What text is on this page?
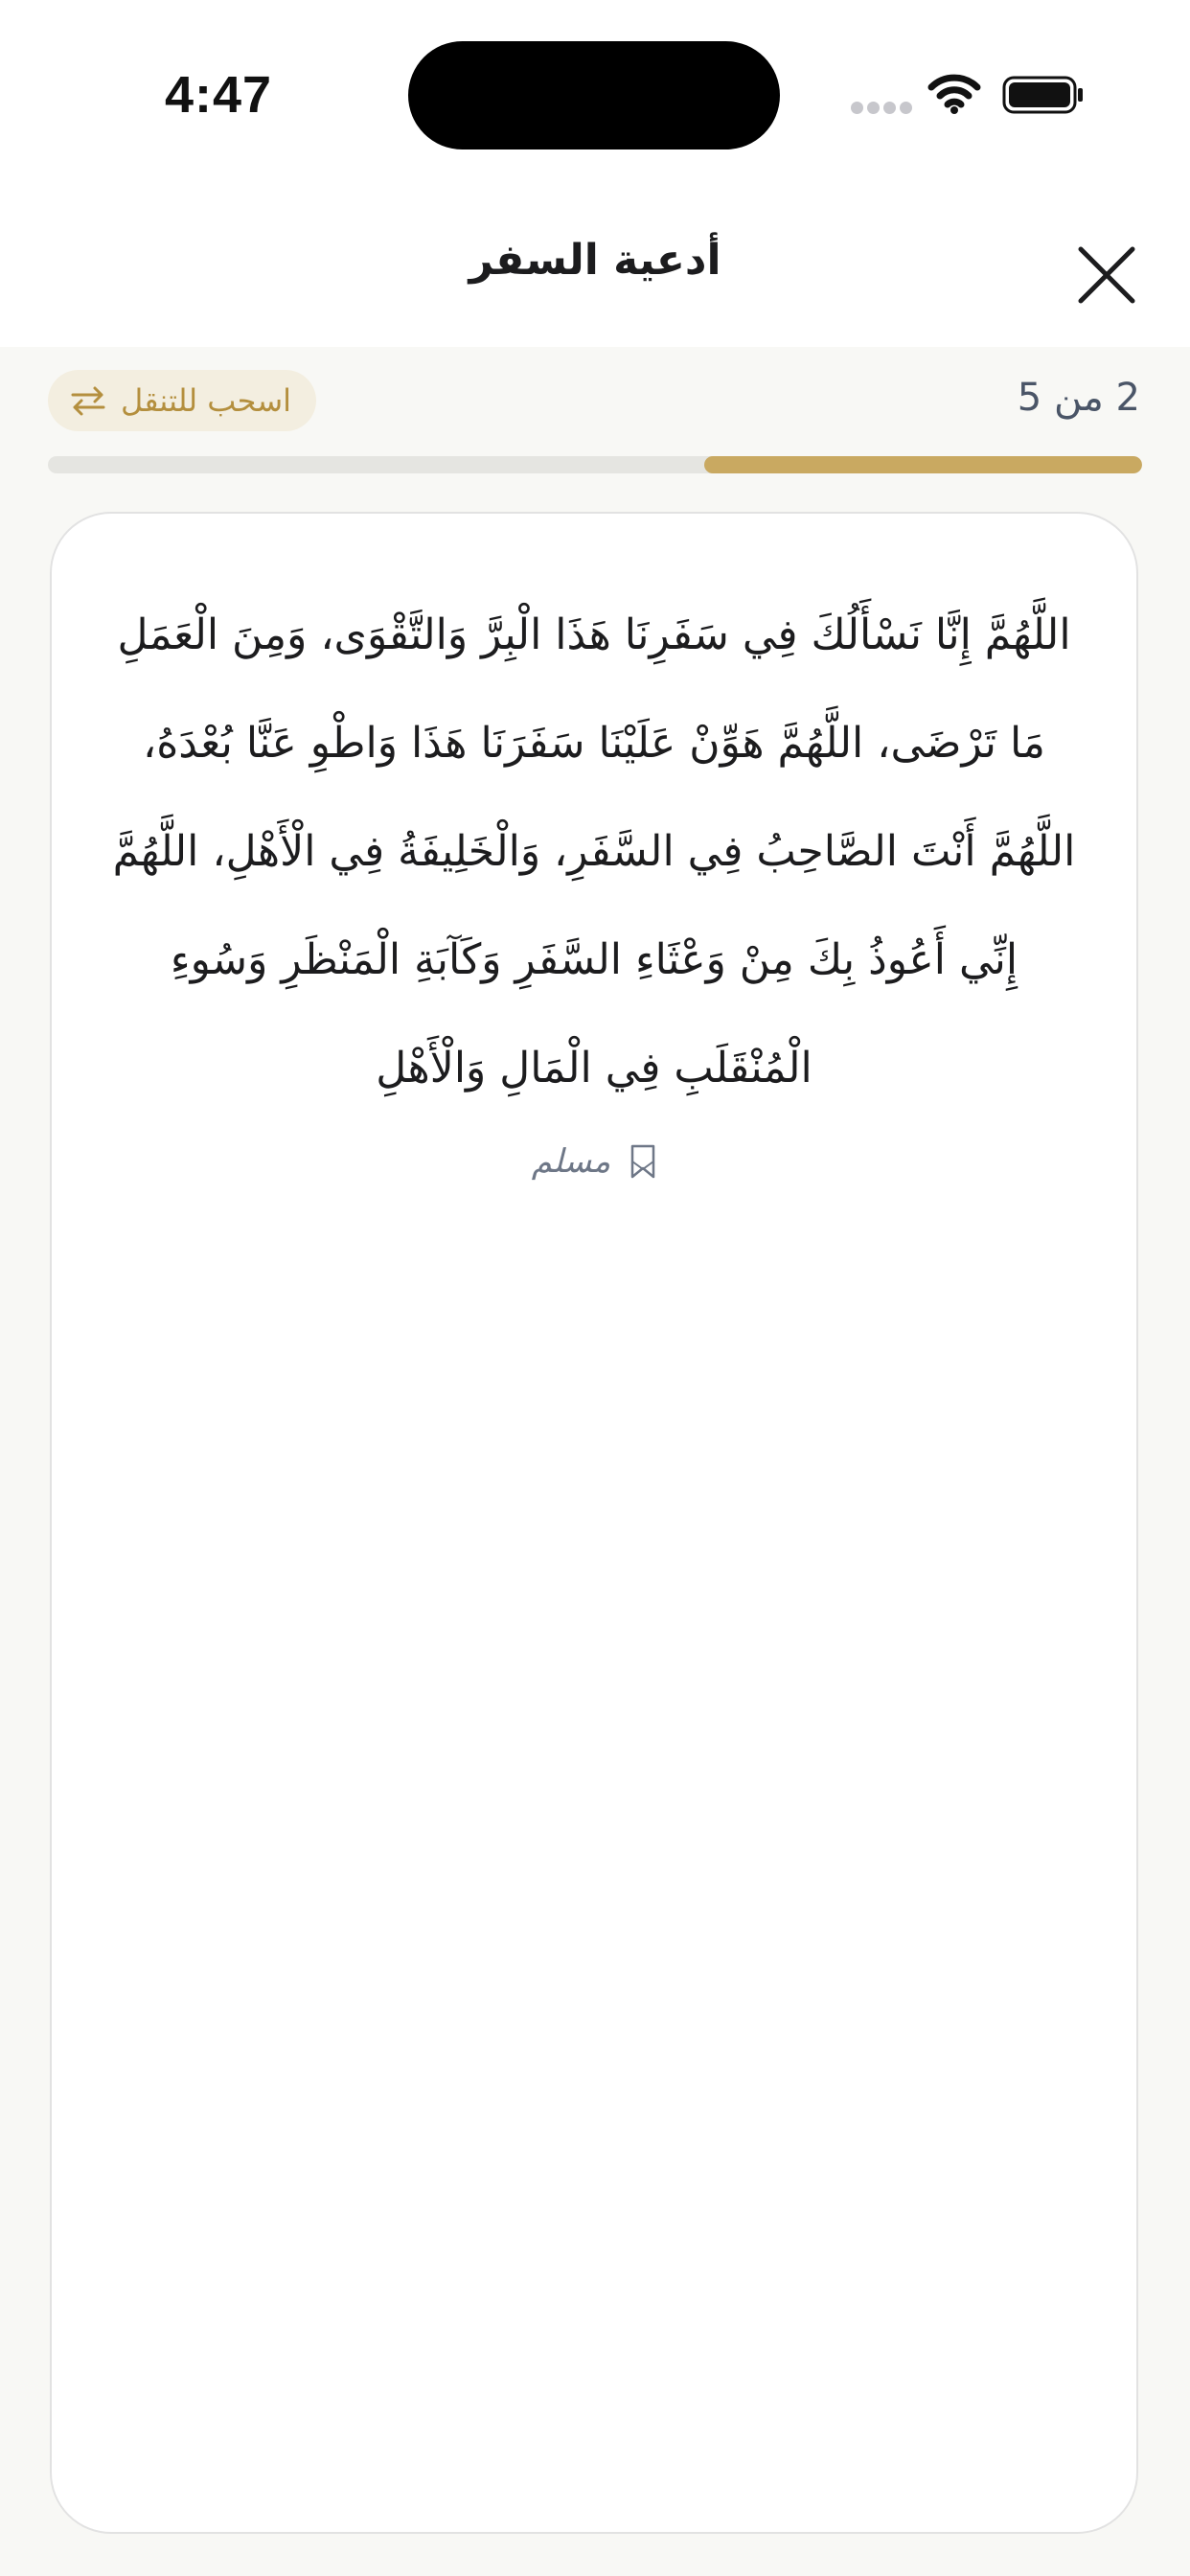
4:47
أدعية السفر
اسحب للتنقل	2 من 5

اللَّهُمَّ إِنَّا نَسْأَلُكَ فِي سَفَرِنَا هَذَا الْبِرَّ وَالتَّقْوَى، وَمِنَ الْعَمَلِ مَا تَرْضَى، اللَّهُمَّ هَوِّنْ عَلَيْنَا سَفَرَنَا هَذَا وَاطْوِ عَنَّا بُعْدَهُ، اللَّهُمَّ أَنْتَ الصَّاحِبُ فِي السَّفَرِ، وَالْخَلِيفَةُ فِي الْأَهْلِ، اللَّهُمَّ إِنِّي أَعُوذُ بِكَ مِنْ وَعْثَاءِ السَّفَرِ وَكَآبَةِ الْمَنْظَرِ وَسُوءِ الْمُنْقَلَبِ فِي الْمَالِ وَالْأَهْلِ

مسلم
